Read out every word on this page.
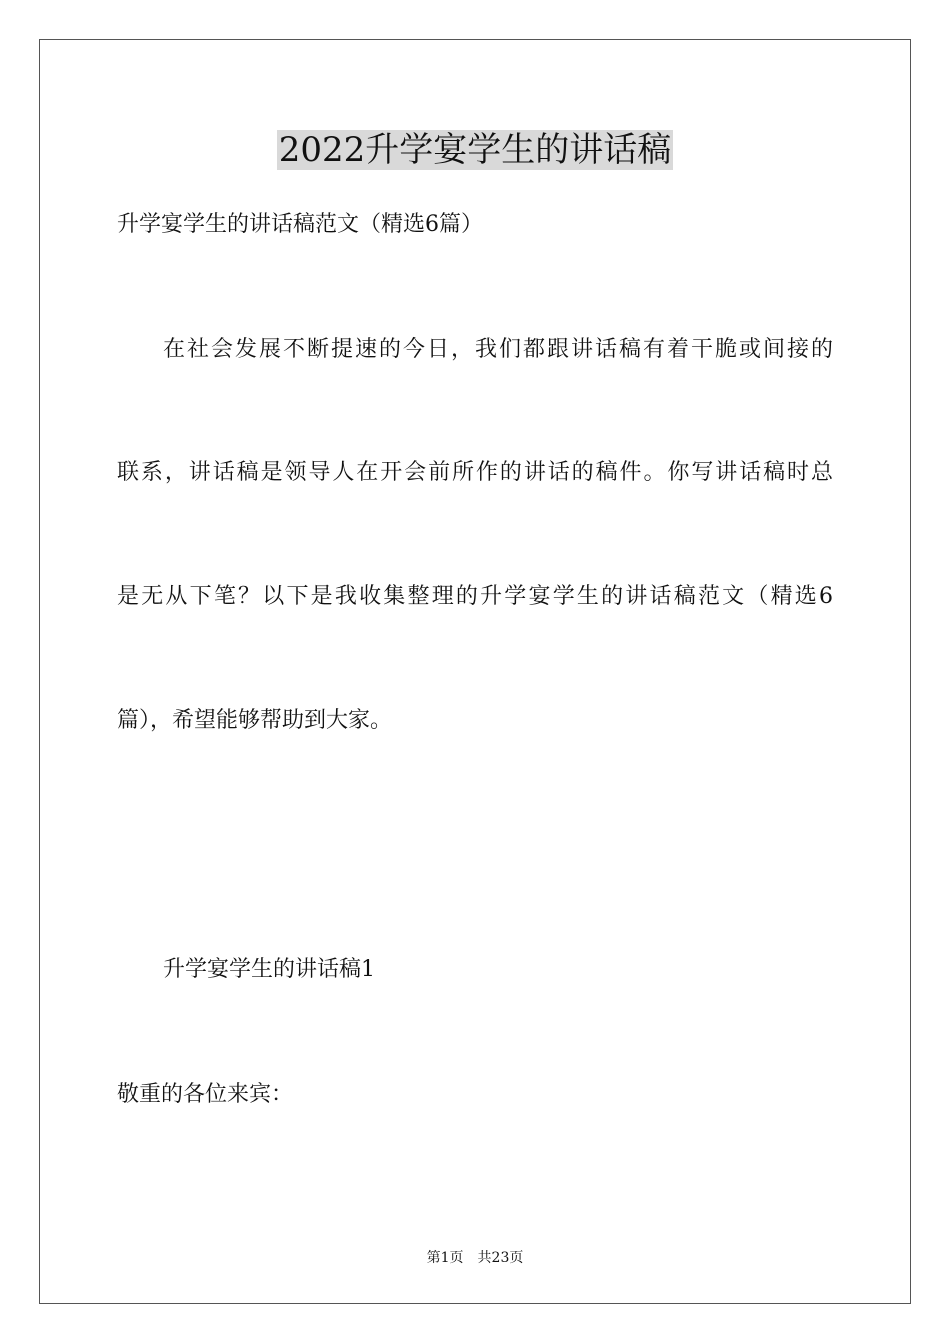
2022升学宴学生的讲话稿
升学宴学生的讲话稿范文（精选6篇）
在社会发展不断提速的今日，我们都跟讲话稿有着干脆或间接的
联系，讲话稿是领导人在开会前所作的讲话的稿件。你写讲话稿时总
是无从下笔？以下是我收集整理的升学宴学生的讲话稿范文（精选6
篇），希望能够帮助到大家。
升学宴学生的讲话稿1
敬重的各位来宾：
第1页 共23页
